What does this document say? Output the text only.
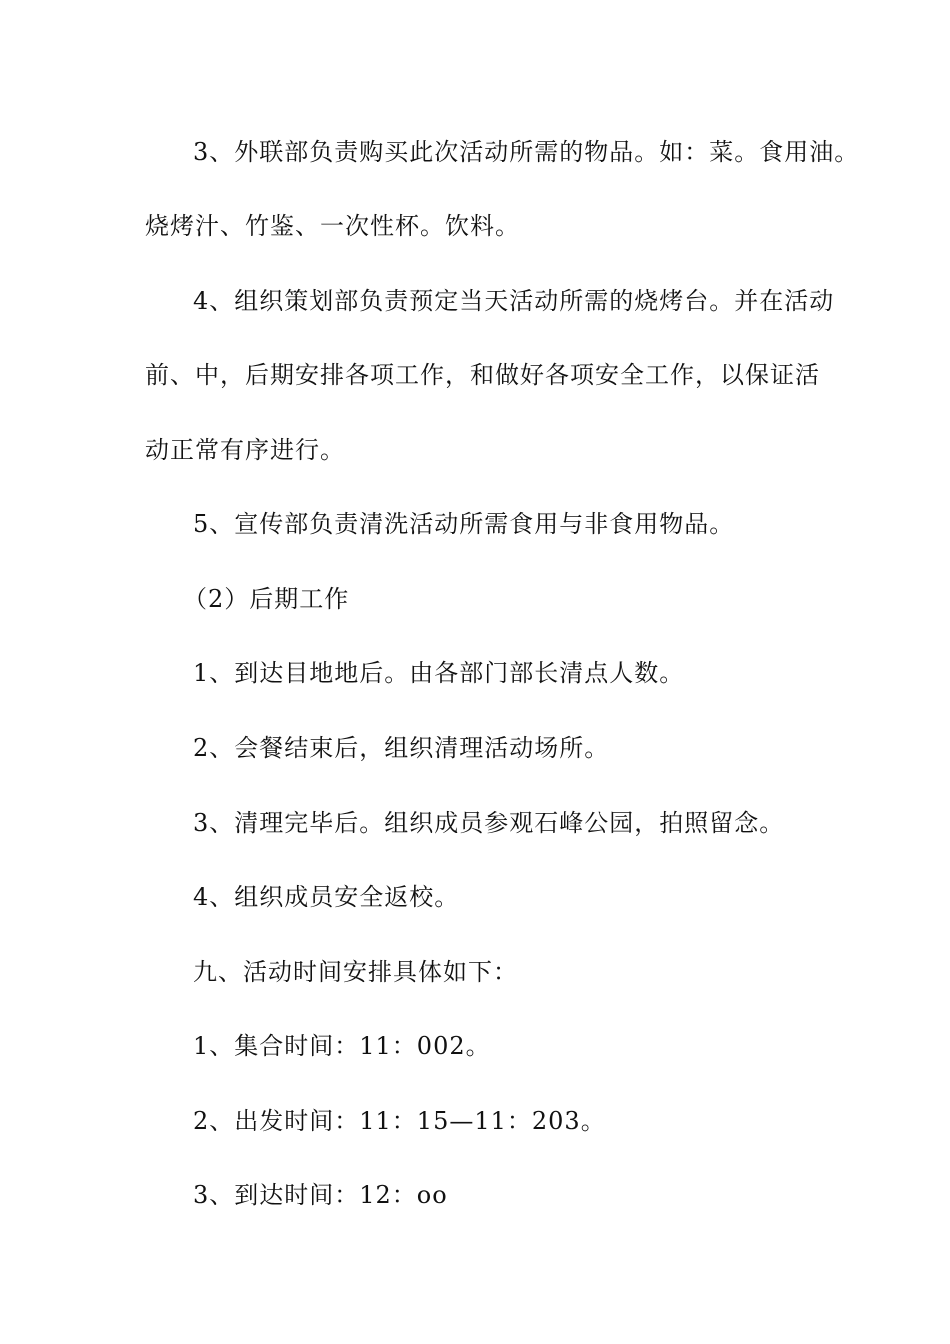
3、外联部负责购买此次活动所需的物品。如：菜。食用油。
烧烤汁、竹鉴、一次性杯。饮料。
4、组织策划部负责预定当天活动所需的烧烤台。并在活动
前、中，后期安排各项工作，和做好各项安全工作，以保证活
动正常有序进行。
5、宣传部负责清洗活动所需食用与非食用物品。
（2）后期工作
1、到达目地地后。由各部门部长清点人数。
2、会餐结束后，组织清理活动场所。
3、清理完毕后。组织成员参观石峰公园，拍照留念。
4、组织成员安全返校。
九、活动时间安排具体如下：
1、集合时间：11：002。
2、出发时间：11：15—11：203。
3、到达时间：12：oo
